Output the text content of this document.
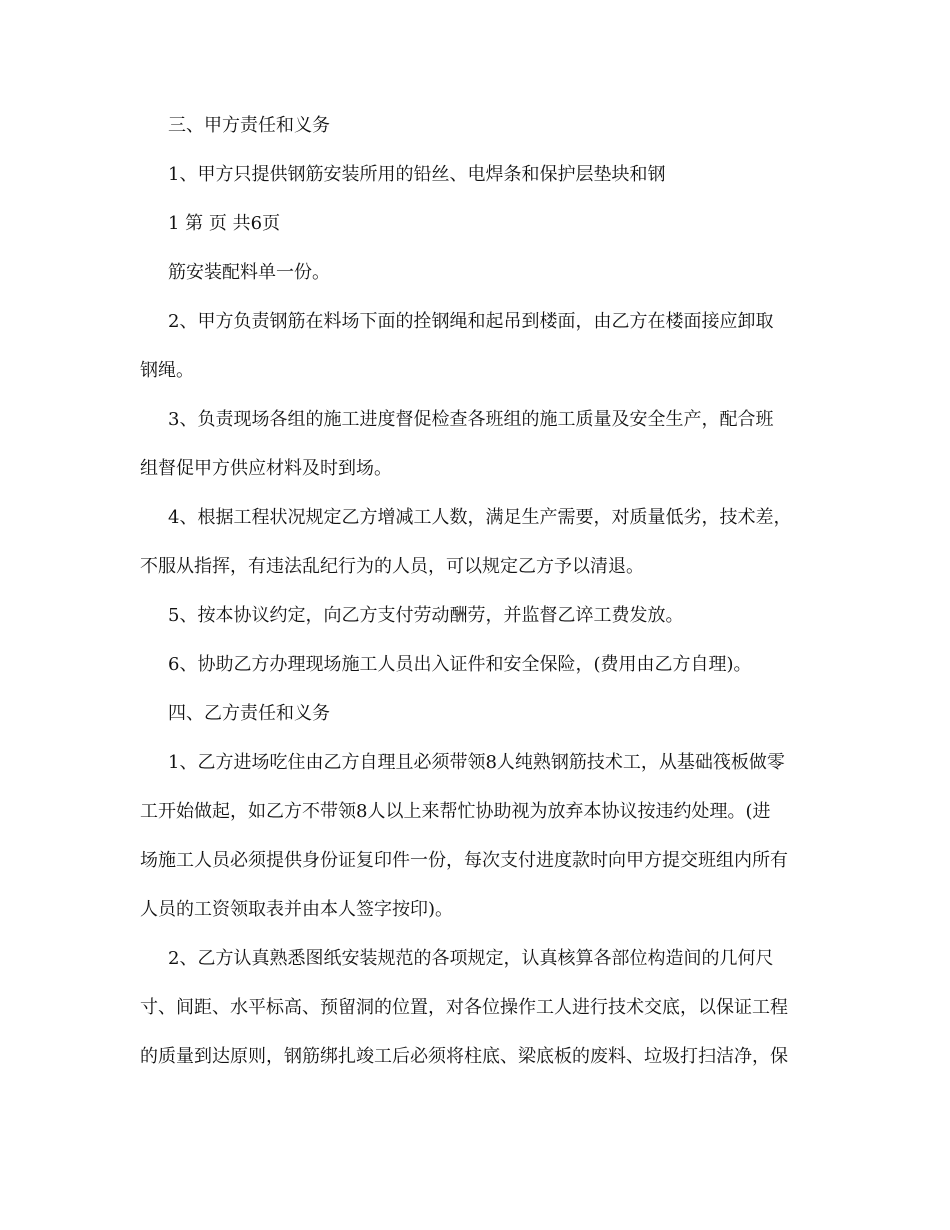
三、甲方责任和义务
1、甲方只提供钢筋安装所用的铅丝、电焊条和保护层垫块和钢
1 第 页 共6页
筋安装配料单一份。
2、甲方负责钢筋在料场下面的拴钢绳和起吊到楼面，由乙方在楼面接应卸取
钢绳。
3、负责现场各组的施工进度督促检查各班组的施工质量及安全生产，配合班
组督促甲方供应材料及时到场。
4、根据工程状况规定乙方增减工人数，满足生产需要，对质量低劣，技术差，
不服从指挥，有违法乱纪行为的人员，可以规定乙方予以清退。
5、按本协议约定，向乙方支付劳动酬劳，并监督乙谇工费发放。
6、协助乙方办理现场施工人员出入证件和安全保险，(费用由乙方自理)。
四、乙方责任和义务
1、乙方进场吃住由乙方自理且必须带领8人纯熟钢筋技术工，从基础筏板做零
工开始做起，如乙方不带领8人以上来帮忙协助视为放弃本协议按违约处理。(进
场施工人员必须提供身份证复印件一份，每次支付进度款时向甲方提交班组内所有
人员的工资领取表并由本人签字按印)。
2、乙方认真熟悉图纸安装规范的各项规定，认真核算各部位构造间的几何尺
寸、间距、水平标高、预留洞的位置，对各位操作工人进行技术交底，以保证工程
的质量到达原则，钢筋绑扎竣工后必须将柱底、梁底板的废料、垃圾打扫洁净，保
